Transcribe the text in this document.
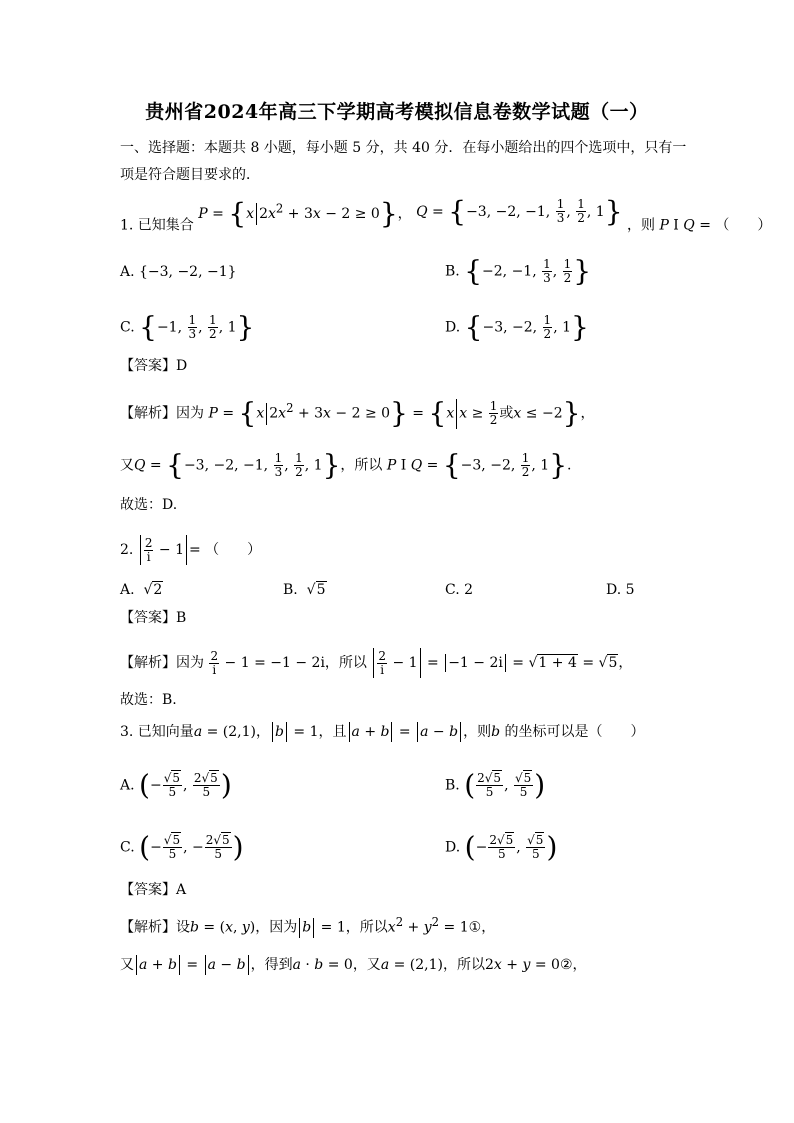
贵州省2024年高三下学期高考模拟信息卷数学试题（一）
一、选择题：本题共 8 小题，每小题 5 分，共 40 分．在每小题给出的四个选项中，只有一
项是符合题目要求的．
1. 已知集合 P = {x $2x^2 + 3x - 2 \ge 0$}， Q = {−3, −2, −1, $\frac{1}{3}$ , $\frac{1}{2}$ , 1} ，则 P I Q = （　　）
A. {−3, −2, −1}	B. {−2, −1, $\frac{1}{3}$ , $\frac{1}{2}$ }
C. {−1, $\frac{1}{3}$ , $\frac{1}{2}$ , 1}	D. {−3, −2, $\frac{1}{2}$ , 1}
【答案】D
【解析】因为 P = {x $2x^2 + 3x - 2 \ge 0\} = \{x$ $x \ge \frac{1}{2}$ 或x ≤ −2}，
又Q = {−3, −2, −1, $\frac{1}{3}$ , $\frac{1}{2}$ , 1}，所以 P I Q = {−3, −2, $\frac{1}{2}$ , 1}.
故选：D.
2. $\frac{2}{i} - 1$ = （　　）
A.  √2	B.  √5	C. 2	D. 5
【答案】B
【解析】因为 $\frac{2}{i} - 1 = -1 - 2i$，所以 $\frac{2}{i} - 1 = -1 - 2i = √1 + 4 = √5$，
故选：B.
3. 已知向量a = (2,1)， b = 1，且 a + b = a − b ，则b 的坐标可以是（　　）
A. (− $\frac{√5}{5}$ , $\frac{2√5}{5}$ )	B. ( $\frac{2√5}{5}$ , $\frac{√5}{5}$ )
C. (− $\frac{√5}{5}$ , − $\frac{2√5}{5}$ )	D. (− $\frac{2√5}{5}$ , $\frac{√5}{5}$ )
【答案】A
【解析】设b = (x, y)，因为 b = 1，所以$x^2 + y^2$ = 1①，
又 a + b = a − b ，得到a · b = 0，又a = (2,1)，所以2x + y = 0②，
